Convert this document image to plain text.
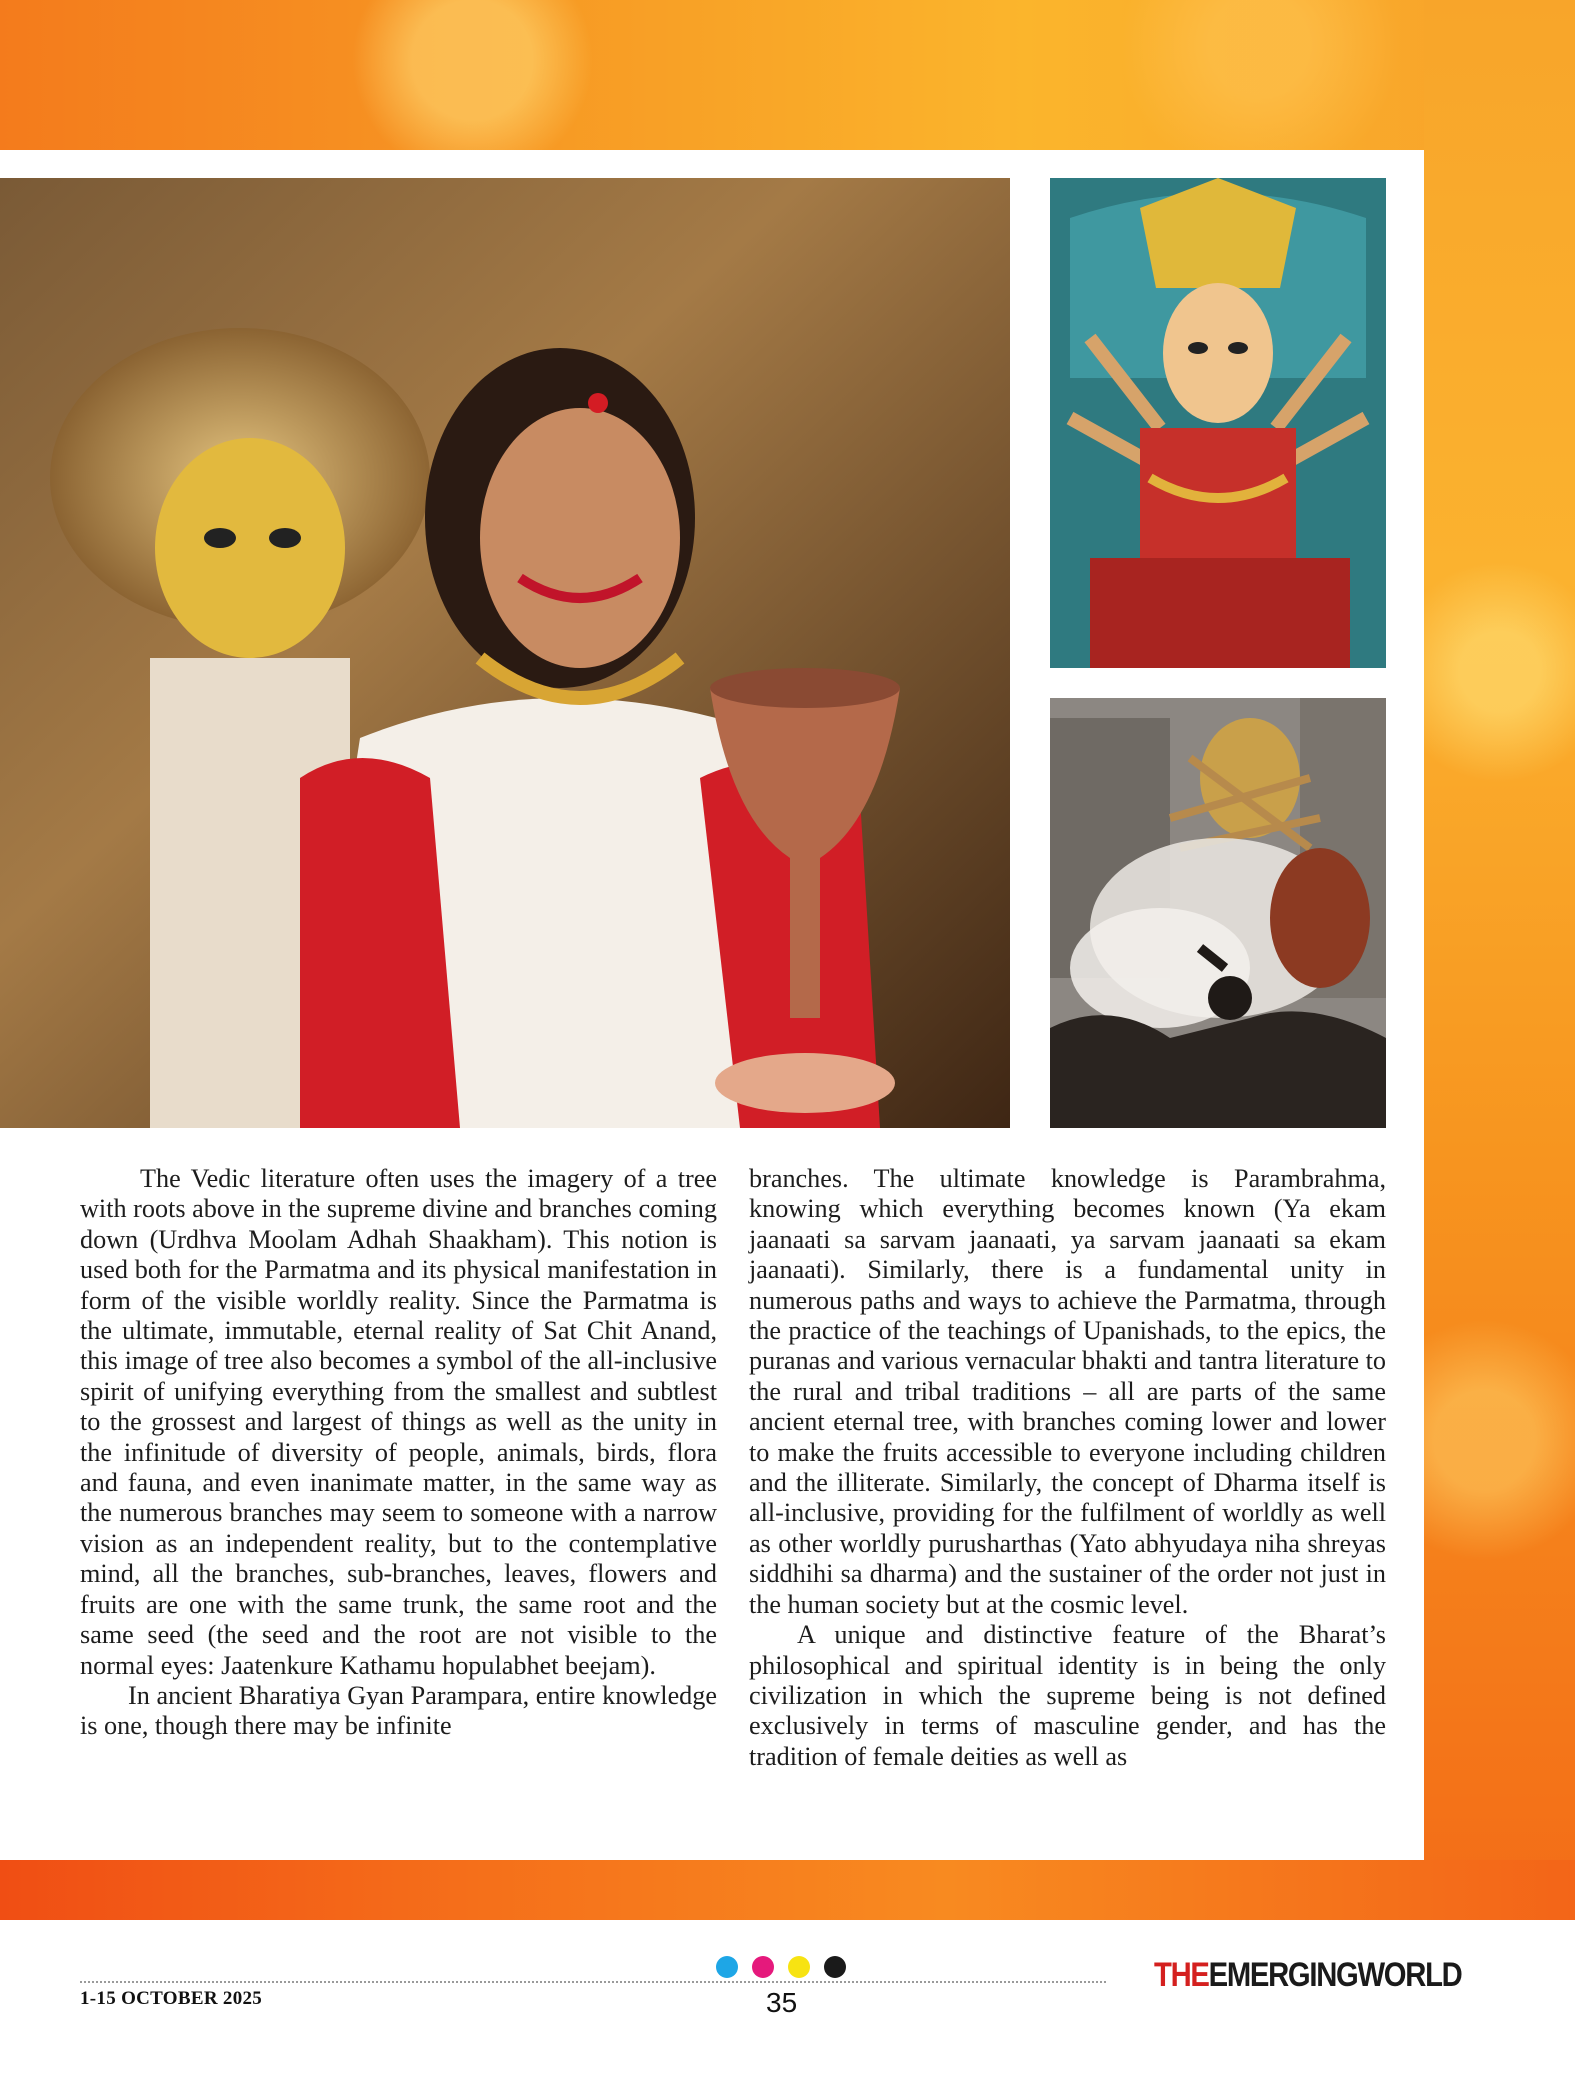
The Vedic literature often uses the imagery of a tree with roots above in the supreme divine and branches coming down (Urdhva Moolam Adhah Shaakham). This notion is used both for the Parmatma and its physical manifestation in form of the visible worldly reality. Since the Parmatma is the ultimate, immutable, eternal reality of Sat Chit Anand, this image of tree also becomes a symbol of the all-inclusive spirit of unifying everything from the smallest and subtlest to the grossest and largest of things as well as the unity in the infinitude of diversity of people, animals, birds, flora and fauna, and even inanimate matter, in the same way as the numerous branches may seem to someone with a narrow vision as an independent reality, but to the contemplative mind, all the branches, sub-branches, leaves, flowers and fruits are one with the same trunk, the same root and the same seed (the seed and the root are not visible to the normal eyes: Jaatenkure Kathamu hopulabhet beejam).

In ancient Bharatiya Gyan Parampara, entire knowledge is one, though there may be infinite

branches. The ultimate knowledge is Parambrahma, knowing which everything becomes known (Ya ekam jaanaati sa sarvam jaanaati, ya sarvam jaanaati sa ekam jaanaati). Similarly, there is a fundamental unity in numerous paths and ways to achieve the Parmatma, through the practice of the teachings of Upanishads, to the epics, the puranas and various vernacular bhakti and tantra literature to the rural and tribal traditions – all are parts of the same ancient eternal tree, with branches coming lower and lower to make the fruits accessible to everyone including children and the illiterate. Similarly, the concept of Dharma itself is all-inclusive, providing for the fulfilment of worldly as well as other worldly purusharthas (Yato abhyudaya niha shreyas siddhihi sa dharma) and the sustainer of the order not just in the human society but at the cosmic level.

A unique and distinctive feature of the Bharat’s philosophical and spiritual identity is in being the only civilization in which the supreme being is not defined exclusively in terms of masculine gender, and has the tradition of female deities as well as

1-15 OCTOBER 2025	35
THEEMERGINGWORLD
